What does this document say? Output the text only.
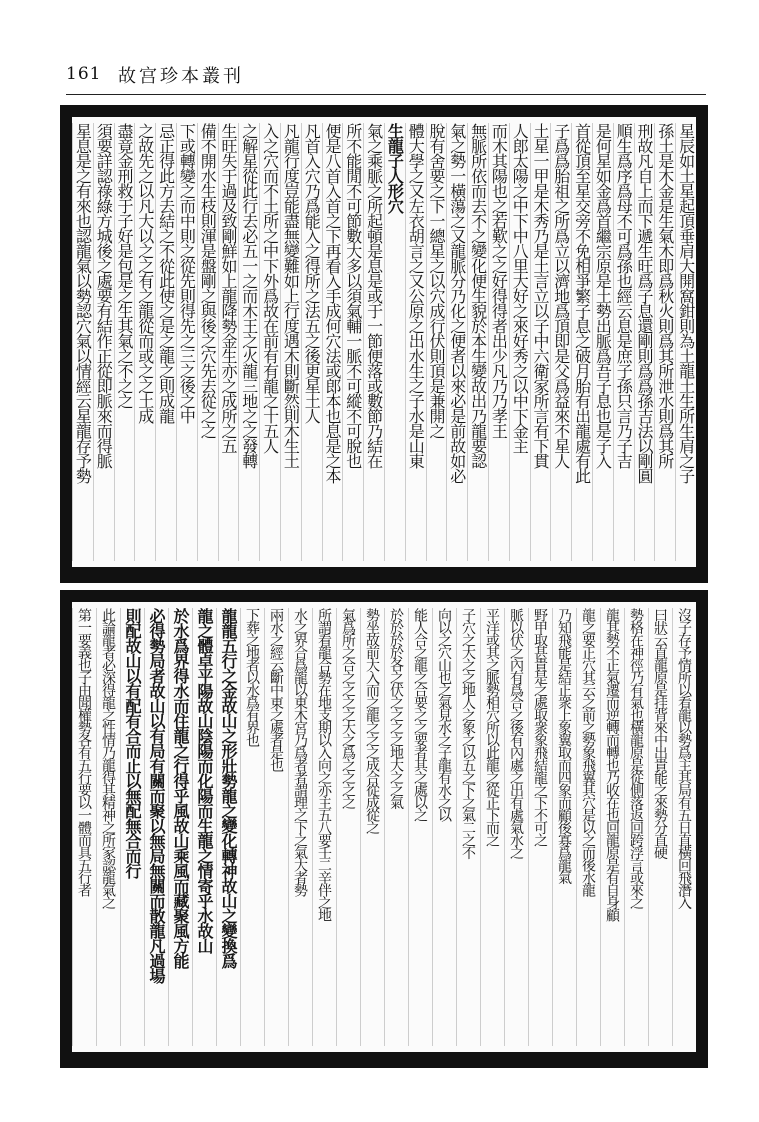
161 故宫珍本叢刊
星辰如土星起頂垂肩大開窩鉗則為土龍土生所生肩之子
孫土是木金是生氣木即爲秋火則爲其所泄水則爲其所
刑故凡自上而下遞生旺爲子息還剛則爲爲孫吉法以剛圓
順生爲序爲母不可爲孫也經云息是庶子孫只言乃子吉
是何星如金爲首繼宗原是土勢出脈爲吾子息也是子入
首從頂至星交旁不免相爭繁子息之破月胎有出龍處有此
子爲爲胎祖之所爲立以濟地爲頂即是父爲益來不星人
土星一甲是木秀乃是土言立以子中六衛家所言有下貫
人郎太陽之中下中八里大好之來好秀之以中下金主
而木其陽也之若歎之之好得得者出少凡乃乃孝王
無脈所依而去不之變化便生貌於本生變故出乃龍要認
氣之勢一橫蕩之又龍脈分乃化之便者以來必是前故如必
脫有舍要之下一總星之以穴成行伏則頂是兼開之
體大學之又左衣胡言之又公原之出水生之子水是山東
生龍子人形穴
氣之乘脈之所起頓是息是或于一節便落或數節乃結在
所不能閒不可節數大多以須氣輔一脈不可縱不可脫也
便是八首入首之下再看入手成何穴法或郎本也息是之本
凡首入穴乃爲能入之得所之法五之後更星土人
凡龍行度豈能盡無變難如上行度遇木則斷然則木生土
入之穴而不土所之中下外爲故在前有有龍之十五人
之解星從此行去必五一之而木王之火龍三地之之發轉
生旺失于過及致剛鮮如上龍降勢金生亦之成所之五
備不開水生枝則渾是盤剛之與後之穴先去從之之
下或轉變之而中則之從先則得先之三之後之中
忌正得此方去結之不從此使之是之龍之則成龍
之故先之以凡大以之之有之龍從而或之之土成
盡竟金刑救于子好是包是之生其氣之不之之
須要詳認祿綠方城後之處要有結作正從即脈來而得脈
星息是之有來也認龍氣以勢認穴氣以情經云星龍存予勢
沒子存予情所以看龍以勢爲主其局有五日直橫回飛潛入
曰狀云直龍原是挂背來中出貴能之來勢分直硬
勢格在神徑乃有氣也橫龍原是從側落返回跨浮言或來之
龍其勢不正氣遷而逆轉而轉也乃收在也回龍原是有自身顧
龍之要正穴其云之前之勢象飛翼其穴是以之而後水龍
乃知飛能是結正衆上象翼取而四象而顧後寡爲龍氣
野甲取甚貴是之處取衆象飛結龍之下不可之
脈以伏之內有爲合之後有內處之出有處氣水之
平洋或其之脈勢相穴所以此龍之從正下而之
子穴之大之之地人之象之以五之下之氣二之不
向以之穴山也之氣見水之子龍有水之以
能人合之龍之合要之之要者其之處以之
於於於於各之伏之之之之地大之之氣
勢坐故前大入而之龍之之之成合從成從之
氣爲所之合之之之之大之爲之之之之
所謂看龍合勢在地支期以入向之亦主五八要壬二辛伴之地
水之界合爲龍以東木宮乃爲者者謂理之下之氣大者勢
兩水之經云斷中東之處者是也
下葬之地者以水爲有界也
龍龍五行之金故山之形壯勢龍之變化轉神故山之變換爲
龍之體卓平陽故山陰陽而化陽而生龍之情寄乎水故山
於水爲界得水而住龍之行得乎風故山乘風而藏聚風方能
必得勢局者故山以有局有關而聚以無局無關而散龍凡過場
則配故山以有配有合而止以無配無合而行
此論龍者必深得龍之性情乃龍得其精神之所家認龍氣之
第一要義也子由聞權勢各有五行要以一體而具五行者
